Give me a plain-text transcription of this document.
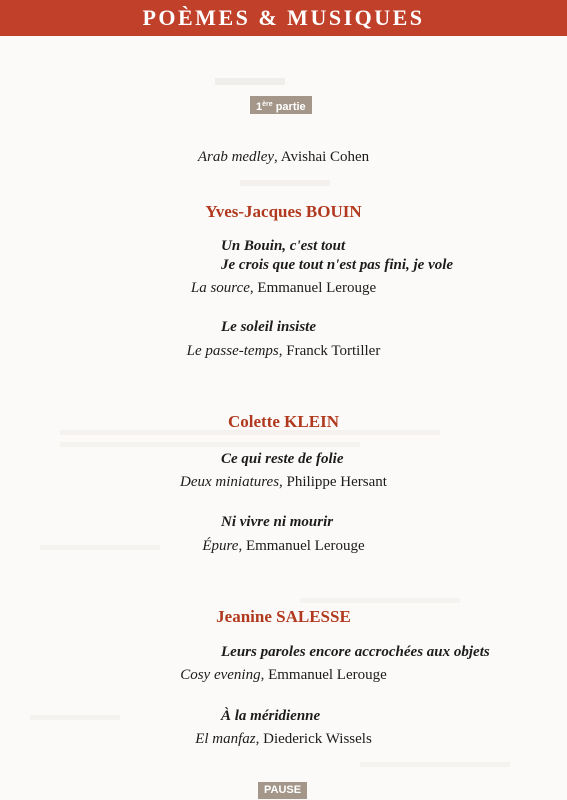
POÈMES & MUSIQUES
1ère partie
Arab medley, Avishai Cohen
Yves-Jacques BOUIN
Un Bouin, c'est tout
Je crois que tout n'est pas fini, je vole
La source, Emmanuel Lerouge
Le soleil insiste
Le passe-temps, Franck Tortiller
Colette KLEIN
Ce qui reste de folie
Deux miniatures, Philippe Hersant
Ni vivre ni mourir
Épure, Emmanuel Lerouge
Jeanine SALESSE
Leurs paroles encore accrochées aux objets
Cosy evening, Emmanuel Lerouge
À la méridienne
El manfaz, Diederick Wissels
PAUSE
